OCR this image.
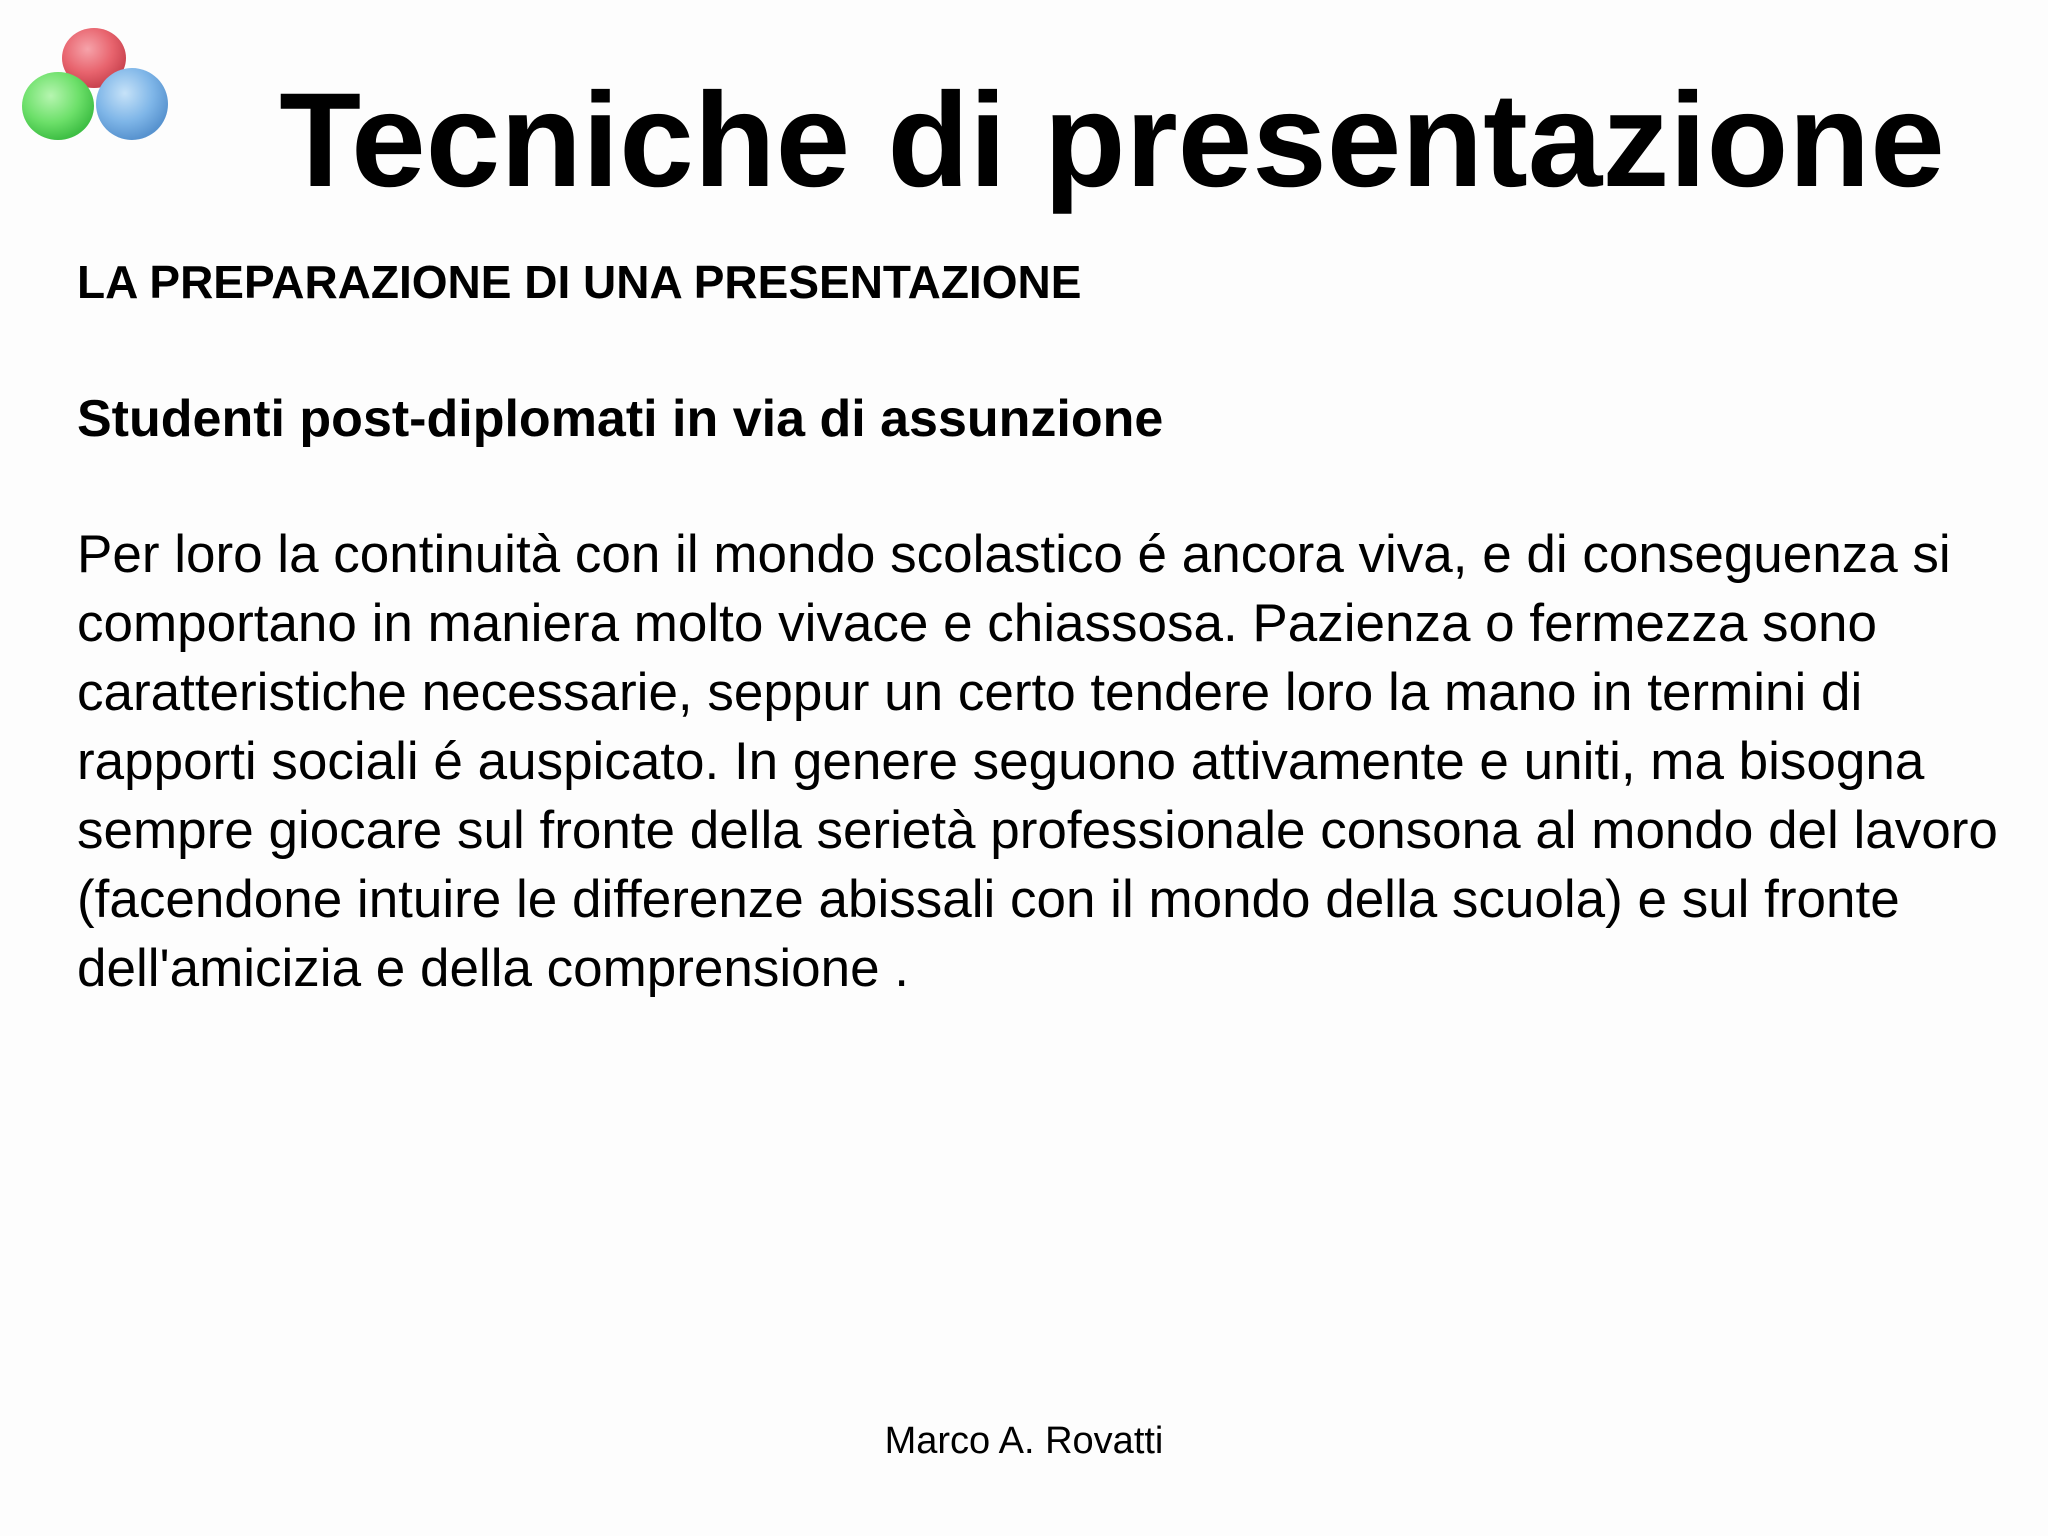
Tecniche di presentazione
LA PREPARAZIONE DI UNA PRESENTAZIONE
Studenti post-diplomati in via di assunzione

Per loro la continuità con il mondo scolastico é ancora viva, e di conseguenza si comportano in maniera molto vivace e chiassosa. Pazienza o fermezza sono caratteristiche necessarie, seppur un certo tendere loro la mano in termini di rapporti sociali é auspicato. In genere seguono attivamente e uniti, ma bisogna sempre giocare sul fronte della serietà professionale consona al mondo del lavoro (facendone intuire le differenze abissali con il mondo della scuola) e sul fronte dell'amicizia e della comprensione .

Marco A. Rovatti
